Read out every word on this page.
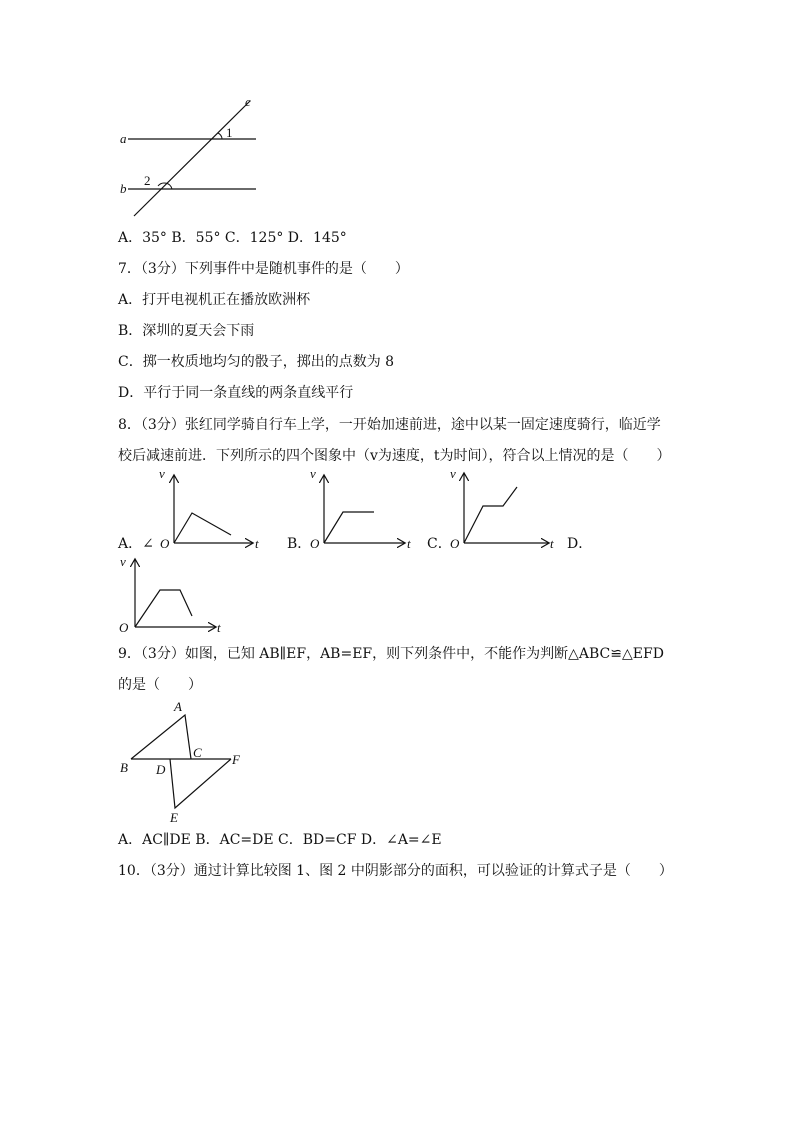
a
b
c
1
2
A．35° B．55° C．125° D．145°
7．（3分）下列事件中是随机事件的是（　　）
A．打开电视机正在播放欧洲杯
B．深圳的夏天会下雨
C．掷一枚质地均匀的骰子，掷出的点数为 8
D．平行于同一条直线的两条直线平行
8．（3分）张红同学骑自行车上学，一开始加速前进，途中以某一固定速度骑行，临近学
校后减速前进．下列所示的四个图象中（v为速度，t为时间），符合以上情况的是（　　）
A．∠
v
t
O	B．
v
t
O	C．
v
t
O	D．
v
t
O
9．（3分）如图，已知 AB∥EF，AB=EF，则下列条件中，不能作为判断△ABC≌△EFD
的是（　　）
A
B
C
D
E
F
A．AC∥DE B．AC=DE C．BD=CF D．∠A=∠E
10．（3分）通过计算比较图 1、图 2 中阴影部分的面积，可以验证的计算式子是（　　）
